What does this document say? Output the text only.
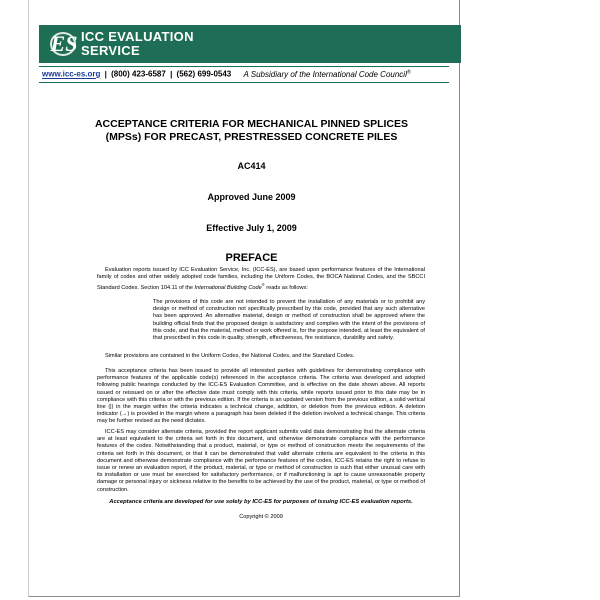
ES ICC EVALUATION
SERVICE
www.icc-es.org | (800) 423-6587 | (562) 699-0543 A Subsidiary of the International Code Council®
ACCEPTANCE CRITERIA FOR MECHANICAL PINNED SPLICES
(MPSs) FOR PRECAST, PRESTRESSED CONCRETE PILES
AC414
Approved June 2009
Effective July 1, 2009
PREFACE
Evaluation reports issued by ICC Evaluation Service, Inc. (ICC-ES), are based upon performance features of the International family of codes and other widely adopted code families, including the Uniform Codes, the BOCA National Codes, and the SBCCI Standard Codes. Section 104.11 of the International Building Code® reads as follows:
The provisions of this code are not intended to prevent the installation of any materials or to prohibit any design or method of construction not specifically prescribed by this code, provided that any such alternative has been approved. An alternative material, design or method of construction shall be approved where the building official finds that the proposed design is satisfactory and complies with the intent of the provisions of this code, and that the material, method or work offered is, for the purpose intended, at least the equivalent of that prescribed in this code in quality, strength, effectiveness, fire resistance, durability and safety.
Similar provisions are contained in the Uniform Codes, the National Codes, and the Standard Codes.
This acceptance criteria has been issued to provide all interested parties with guidelines for demonstrating compliance with performance features of the applicable code(s) referenced in the acceptance criteria. The criteria was developed and adopted following public hearings conducted by the ICC-ES Evaluation Committee, and is effective on the date shown above. All reports issued or reissued on or after the effective date must comply with this criteria, while reports issued prior to this date may be in compliance with this criteria or with the previous edition. If the criteria is an updated version from the previous edition, a solid vertical line (|) in the margin within the criteria indicates a technical change, addition, or deletion from the previous edition. A deletion indicator (→) is provided in the margin where a paragraph has been deleted if the deletion involved a technical change. This criteria may be further revised as the need dictates.
ICC-ES may consider alternate criteria, provided the report applicant submits valid data demonstrating that the alternate criteria are at least equivalent to the criteria set forth in this document, and otherwise demonstrate compliance with the performance features of the codes. Notwithstanding that a product, material, or type or method of construction meets the requirements of the criteria set forth in this document, or that it can be demonstrated that valid alternate criteria are equivalent to the criteria in this document and otherwise demonstrate compliance with the performance features of the codes, ICC-ES retains the right to refuse to issue or renew an evaluation report, if the product, material, or type or method of construction is such that either unusual care with its installation or use must be exercised for satisfactory performance, or if malfunctioning is apt to cause unreasonable property damage or personal injury or sickness relative to the benefits to be achieved by the use of the product, material, or type or method of construction.
Acceptance criteria are developed for use solely by ICC-ES for purposes of issuing ICC-ES evaluation reports.
Copyright © 2009
